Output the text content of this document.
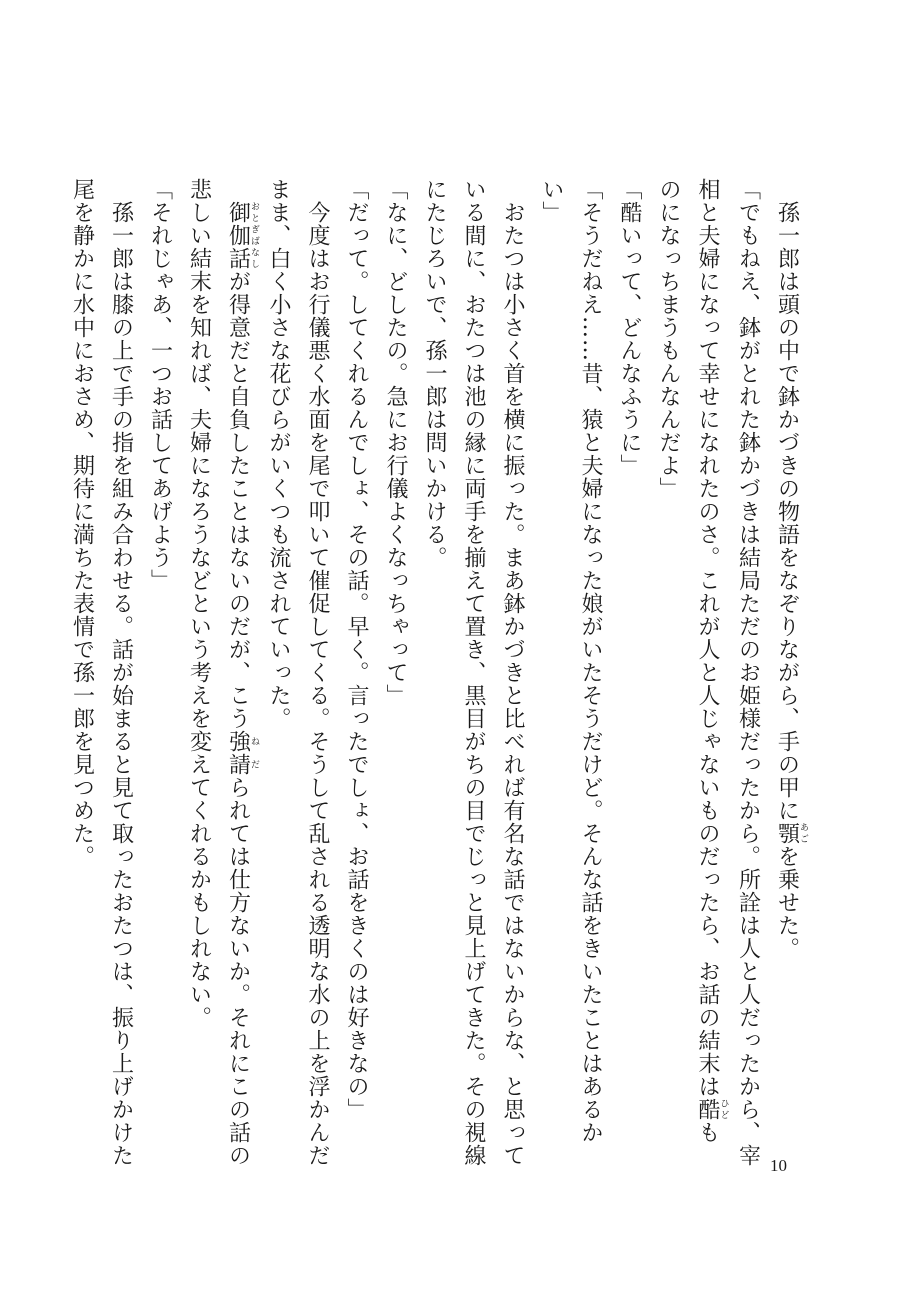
　孫一郎は頭の中で鉢かづきの物語をなぞりながら、手の甲に顎あごを乗せた。
「でもねえ、鉢がとれた鉢かづきは結局ただのお姫様だったから。所詮は人と人だったから、宰
相と夫婦になって幸せになれたのさ。これが人と人じゃないものだったら、お話の結末は酷ひども
のになっちまうもんなんだよ」
「酷いって、どんなふうに」
「そうだねえ……昔、猿と夫婦になった娘がいたそうだけど。そんな話をきいたことはあるか
い」
　おたつは小さく首を横に振った。まあ鉢かづきと比べれば有名な話ではないからな、と思って
いる間に、おたつは池の縁に両手を揃えて置き、黒目がちの目でじっと見上げてきた。その視線
にたじろいで、孫一郎は問いかける。
「なに、どしたの。急にお行儀よくなっちゃって」
「だって。してくれるんでしょ、その話。早く。言ったでしょ、お話をきくのは好きなの」
　今度はお行儀悪く水面を尾で叩いて催促してくる。そうして乱される透明な水の上を浮かんだ
まま、白く小さな花びらがいくつも流されていった。
　御伽話おとぎばなしが得意だと自負したことはないのだが、こう強請ねだられては仕方ないか。それにこの話の
悲しい結末を知れば、夫婦になろうなどという考えを変えてくれるかもしれない。
「それじゃあ、一つお話してあげよう」
　孫一郎は膝の上で手の指を組み合わせる。話が始まると見て取ったおたつは、振り上げかけた
尾を静かに水中におさめ、期待に満ちた表情で孫一郎を見つめた。
10
